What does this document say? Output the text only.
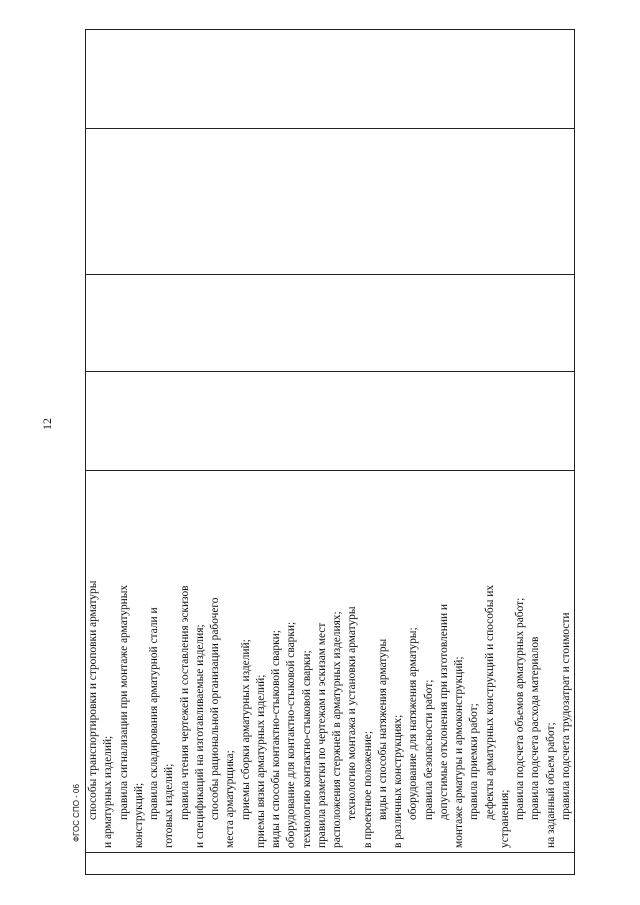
способы транспортировки и строповки арматуры и арматурных изделий; правила сигнализации при монтаже арматурных конструкций; правила складирования арматурной стали и готовых изделий; правила чтения чертежей и составления эскизов и спецификаций на изготавливаемые изделия; способы рациональной организации рабочего места арматурщика; приемы сборки арматурных изделий; приемы вязки арматурных изделий; виды и способы контактно-стыковой сварки; оборудование для контактно-стыковой сварки; технологию контактно-стыковой сварки; правила разметки по чертежам и эскизам мест расположения стержней в арматурных изделиях; технологию монтажа и установки арматуры в проектное положение; виды и способы натяжения арматуры в различных конструкциях; оборудование для натяжения арматуры; правила безопасности работ; допустимые отклонения при изготовлении и монтаже арматуры и армоконструкций; правила приемки работ; дефекты арматурных конструкций и способы их устранения; правила подсчета объемов арматурных работ; правила подсчета расхода материалов на заданный объем работ; правила подсчета трудозатрат и стоимости

12
ФГОС СПО - 06
